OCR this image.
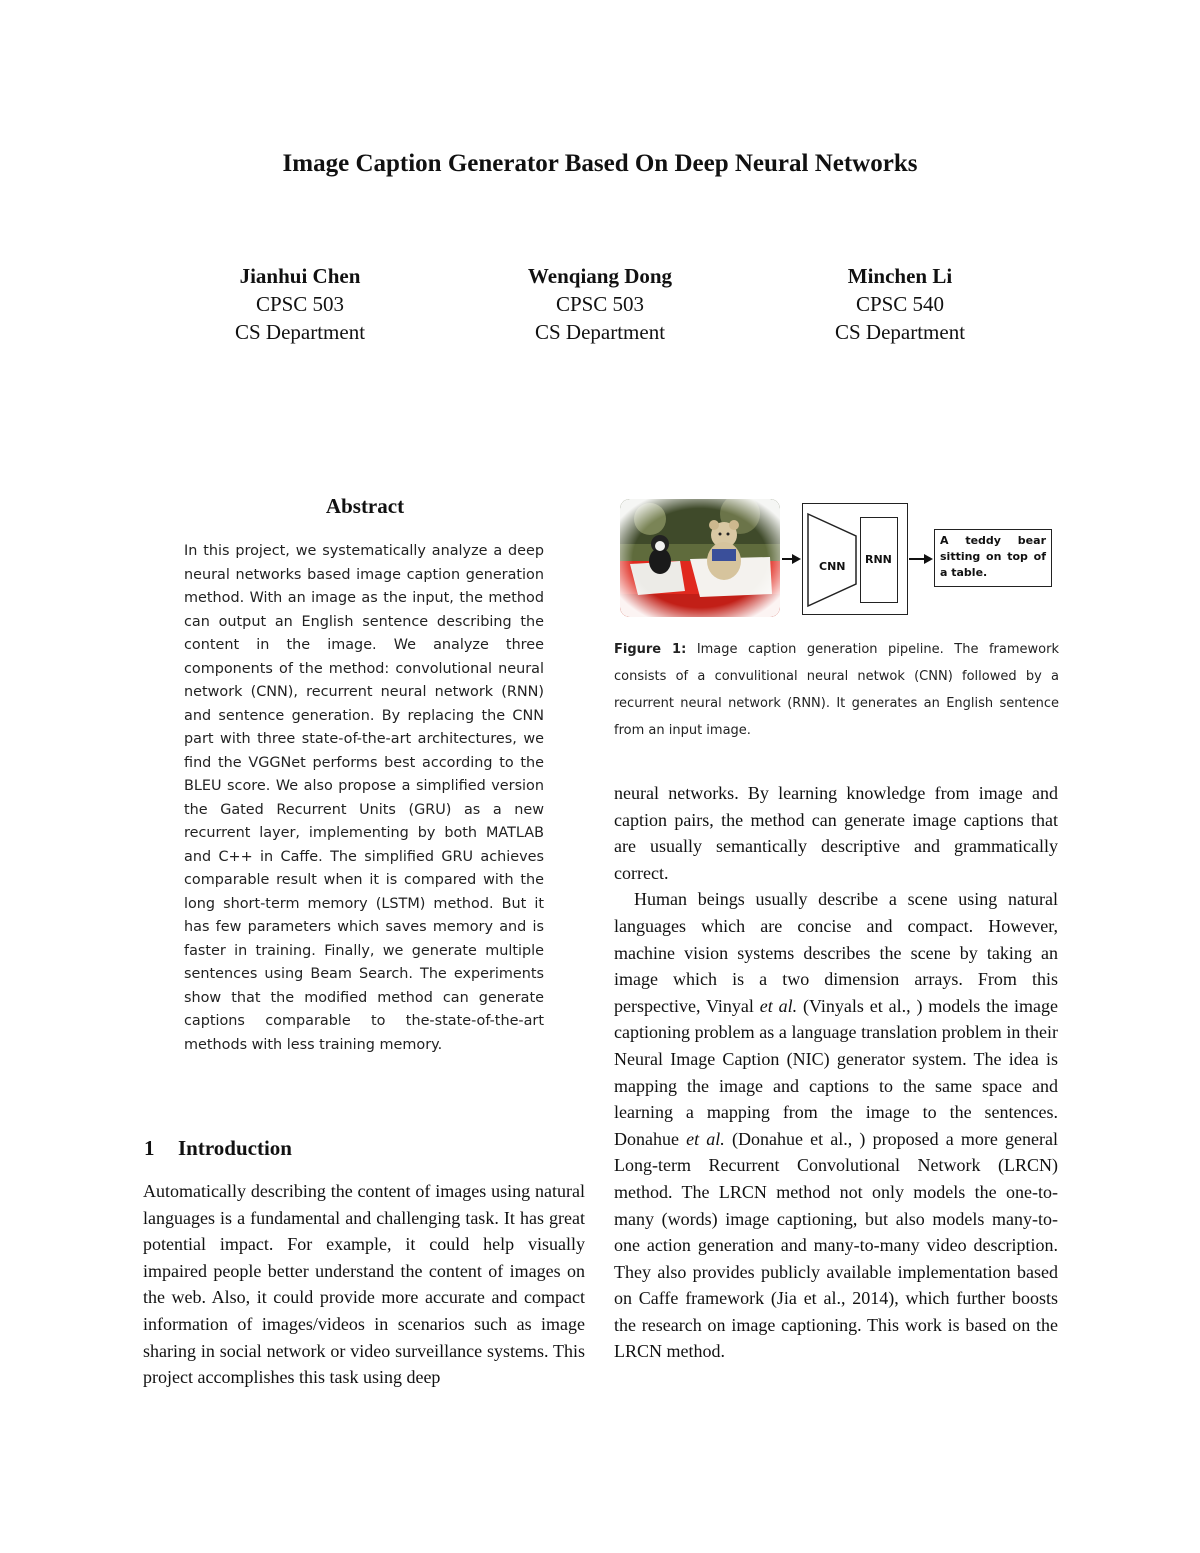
Image Caption Generator Based On Deep Neural Networks
Jianhui Chen
CPSC 503
CS Department
Wenqiang Dong
CPSC 503
CS Department
Minchen Li
CPSC 540
CS Department
Abstract

In this project, we systematically analyze a deep neural networks based image caption generation method. With an image as the input, the method can output an English sentence describing the content in the image. We analyze three components of the method: convolutional neural network (CNN), recurrent neural network (RNN) and sentence generation. By replacing the CNN part with three state-of-the-art architectures, we find the VGGNet performs best according to the BLEU score. We also propose a simplified version the Gated Recurrent Units (GRU) as a new recurrent layer, implementing by both MATLAB and C++ in Caffe. The simplified GRU achieves comparable result when it is compared with the long short-term memory (LSTM) method. But it has few parameters which saves memory and is faster in training. Finally, we generate multiple sentences using Beam Search. The experiments show that the modified method can generate captions comparable to the-state-of-the-art methods with less training memory.

1 Introduction

Automatically describing the content of images using natural languages is a fundamental and challenging task. It has great potential impact. For example, it could help visually impaired people better understand the content of images on the web. Also, it could provide more accurate and compact information of images/videos in scenarios such as image sharing in social network or video surveillance systems. This project accomplishes this task using deep

CNN
RNN
A teddy bear sitting on top of a table.

Figure 1: Image caption generation pipeline. The framework consists of a convulitional neural netwok (CNN) followed by a recurrent neural network (RNN). It generates an English sentence from an input image.

neural networks. By learning knowledge from image and caption pairs, the method can generate image captions that are usually semantically descriptive and grammatically correct.

Human beings usually describe a scene using natural languages which are concise and compact. However, machine vision systems describes the scene by taking an image which is a two dimension arrays. From this perspective, Vinyal et al. (Vinyals et al., ) models the image captioning problem as a language translation problem in their Neural Image Caption (NIC) generator system. The idea is mapping the image and captions to the same space and learning a mapping from the image to the sentences. Donahue et al. (Donahue et al., ) proposed a more general Long-term Recurrent Convolutional Network (LRCN) method. The LRCN method not only models the one-to-many (words) image captioning, but also models many-to-one action generation and many-to-many video description. They also provides publicly available implementation based on Caffe framework (Jia et al., 2014), which further boosts the research on image captioning. This work is based on the LRCN method.
